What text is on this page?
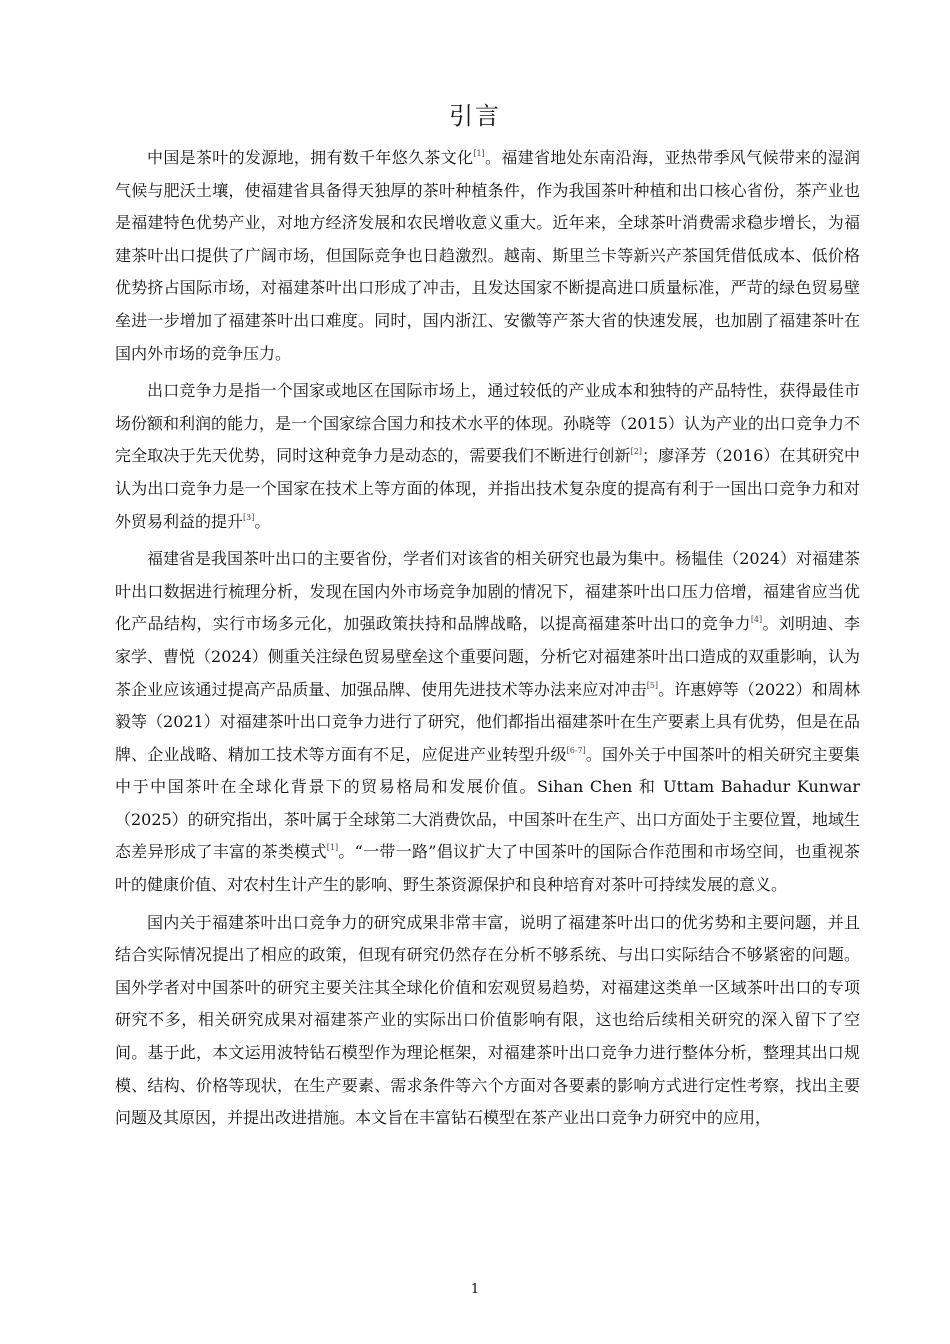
引言

中国是茶叶的发源地，拥有数千年悠久茶文化[1]。福建省地处东南沿海，亚热带季风气候带来的湿润气候与肥沃土壤，使福建省具备得天独厚的茶叶种植条件，作为我国茶叶种植和出口核心省份，茶产业也是福建特色优势产业，对地方经济发展和农民增收意义重大。近年来，全球茶叶消费需求稳步增长，为福建茶叶出口提供了广阔市场，但国际竞争也日趋激烈。越南、斯里兰卡等新兴产茶国凭借低成本、低价格优势挤占国际市场，对福建茶叶出口形成了冲击，且发达国家不断提高进口质量标准，严苛的绿色贸易壁垒进一步增加了福建茶叶出口难度。同时，国内浙江、安徽等产茶大省的快速发展，也加剧了福建茶叶在国内外市场的竞争压力。

出口竞争力是指一个国家或地区在国际市场上，通过较低的产业成本和独特的产品特性，获得最佳市场份额和利润的能力，是一个国家综合国力和技术水平的体现。孙晓等（2015）认为产业的出口竞争力不完全取决于先天优势，同时这种竞争力是动态的，需要我们不断进行创新[2]；廖泽芳（2016）在其研究中认为出口竞争力是一个国家在技术上等方面的体现，并指出技术复杂度的提高有利于一国出口竞争力和对外贸易利益的提升[3]。

福建省是我国茶叶出口的主要省份，学者们对该省的相关研究也最为集中。杨韫佳（2024）对福建茶叶出口数据进行梳理分析，发现在国内外市场竞争加剧的情况下，福建茶叶出口压力倍增，福建省应当优化产品结构，实行市场多元化，加强政策扶持和品牌战略，以提高福建茶叶出口的竞争力[4]。刘明迪、李家学、曹悦（2024）侧重关注绿色贸易壁垒这个重要问题，分析它对福建茶叶出口造成的双重影响，认为茶企业应该通过提高产品质量、加强品牌、使用先进技术等办法来应对冲击[5]。许惠婷等（2022）和周林毅等（2021）对福建茶叶出口竞争力进行了研究，他们都指出福建茶叶在生产要素上具有优势，但是在品牌、企业战略、精加工技术等方面有不足，应促进产业转型升级[6-7]。国外关于中国茶叶的相关研究主要集中于中国茶叶在全球化背景下的贸易格局和发展价值。Sihan Chen 和 Uttam Bahadur Kunwar（2025）的研究指出，茶叶属于全球第二大消费饮品，中国茶叶在生产、出口方面处于主要位置，地域生态差异形成了丰富的茶类模式[1]。“一带一路”倡议扩大了中国茶叶的国际合作范围和市场空间，也重视茶叶的健康价值、对农村生计产生的影响、野生茶资源保护和良种培育对茶叶可持续发展的意义。

国内关于福建茶叶出口竞争力的研究成果非常丰富，说明了福建茶叶出口的优劣势和主要问题，并且结合实际情况提出了相应的政策，但现有研究仍然存在分析不够系统、与出口实际结合不够紧密的问题。国外学者对中国茶叶的研究主要关注其全球化价值和宏观贸易趋势，对福建这类单一区域茶叶出口的专项研究不多，相关研究成果对福建茶产业的实际出口价值影响有限，这也给后续相关研究的深入留下了空间。基于此，本文运用波特钻石模型作为理论框架，对福建茶叶出口竞争力进行整体分析，整理其出口规模、结构、价格等现状，在生产要素、需求条件等六个方面对各要素的影响方式进行定性考察，找出主要问题及其原因，并提出改进措施。本文旨在丰富钻石模型在茶产业出口竞争力研究中的应用，

1
